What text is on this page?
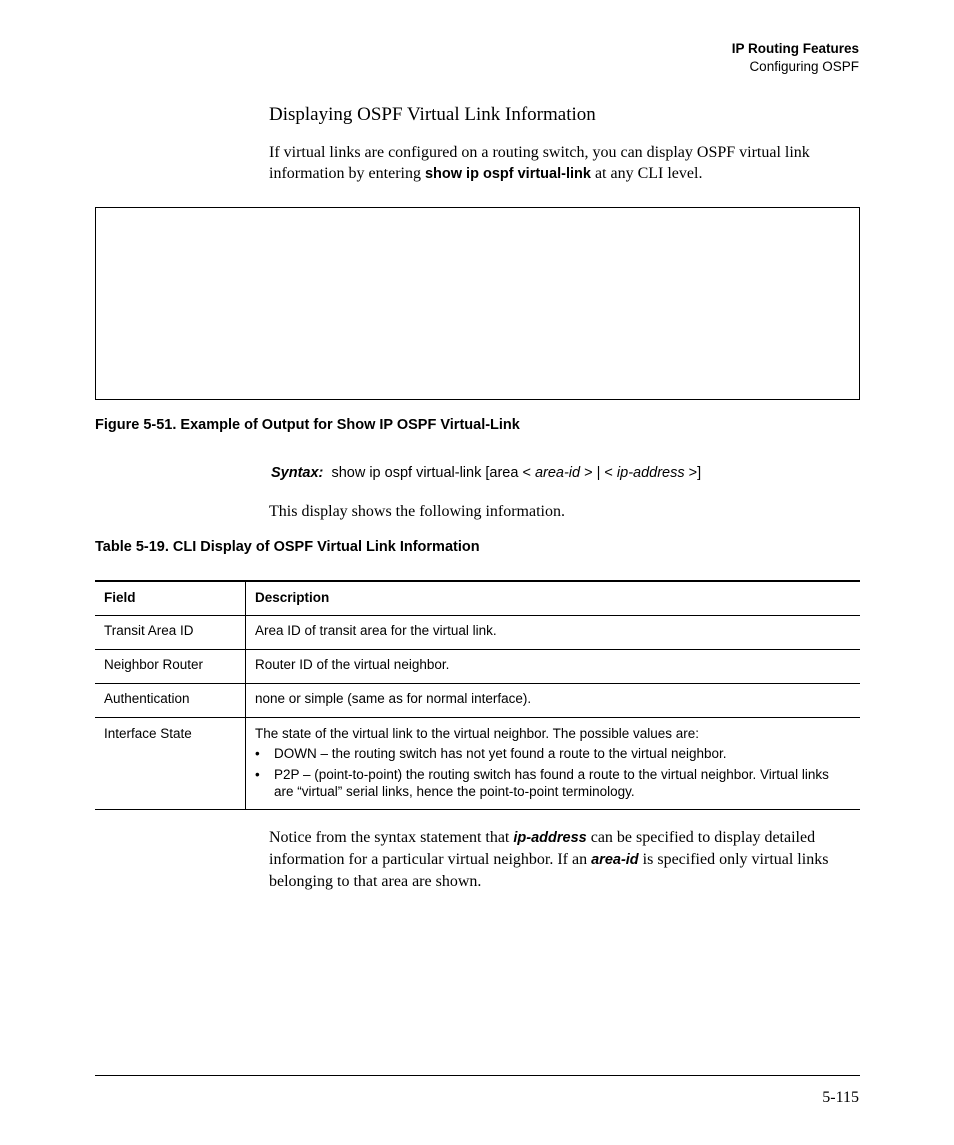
IP Routing Features
Configuring OSPF
Displaying OSPF Virtual Link Information
If virtual links are configured on a routing switch, you can display OSPF virtual link information by entering show ip ospf virtual-link at any CLI level.
Figure 5-51. Example of Output for Show IP OSPF Virtual-Link
Syntax: show ip ospf virtual-link [area < area-id > | < ip-address >]
This display shows the following information.
Table 5-19. CLI Display of OSPF Virtual Link Information
Field	Description
Transit Area ID	Area ID of transit area for the virtual link.
Neighbor Router	Router ID of the virtual neighbor.
Authentication	none or simple (same as for normal interface).
Interface State	The state of the virtual link to the virtual neighbor. The possible values are:
• DOWN – the routing switch has not yet found a route to the virtual neighbor.
• P2P – (point-to-point) the routing switch has found a route to the virtual neighbor. Virtual links are “virtual” serial links, hence the point-to-point terminology.
Notice from the syntax statement that ip-address can be specified to display detailed information for a particular virtual neighbor. If an area-id is specified only virtual links belonging to that area are shown.
5-115
